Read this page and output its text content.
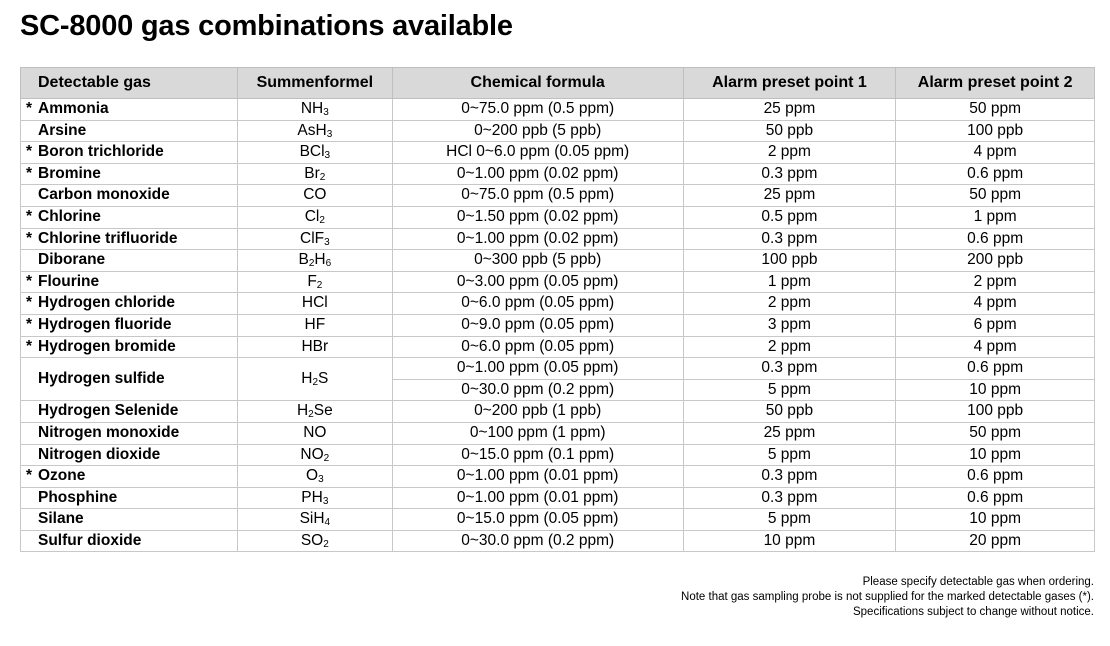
SC-8000 gas combinations available
Detectable gas	Summenformel	Chemical formula	Alarm preset point 1	Alarm preset point 2
* Ammonia	$NH_3$	0~75.0 ppm (0.5 ppm)	25 ppm	50 ppm
Arsine	AsH$_3$	0~200 ppb (5 ppb)	50 ppb	100 ppb
* Boron trichloride	BCl$_3$	HCl 0~6.0 ppm (0.05 ppm)	2 ppm	4 ppm
* Bromine	$Br_2$	0~1.00 ppm (0.02 ppm)	0.3 ppm	0.6 ppm
Carbon monoxide	CO	0~75.0 ppm (0.5 ppm)	25 ppm	50 ppm
* Chlorine	$Cl_2$	0~1.50 ppm (0.02 ppm)	0.5 ppm	1 ppm
* Chlorine trifluoride	ClF$_3$	0~1.00 ppm (0.02 ppm)	0.3 ppm	0.6 ppm
Diborane	$B_2H_6$	0~300 ppb (5 ppb)	100 ppb	200 ppb
* Flourine	$F_2$	0~3.00 ppm (0.05 ppm)	1 ppm	2 ppm
* Hydrogen chloride	HCl	0~6.0 ppm (0.05 ppm)	2 ppm	4 ppm
* Hydrogen fluoride	HF	0~9.0 ppm (0.05 ppm)	3 ppm	6 ppm
* Hydrogen bromide	HBr	0~6.0 ppm (0.05 ppm)	2 ppm	4 ppm
Hydrogen sulfide	$H_2S$	0~1.00 ppm (0.05 ppm)	0.3 ppm	0.6 ppm
		0~30.0 ppm (0.2 ppm)	5 ppm	10 ppm
Hydrogen Selenide	$H_2Se$	0~200 ppb (1 ppb)	50 ppb	100 ppb
Nitrogen monoxide	NO	0~100 ppm (1 ppm)	25 ppm	50 ppm
Nitrogen dioxide	$NO_2$	0~15.0 ppm (0.1 ppm)	5 ppm	10 ppm
* Ozone	$O_3$	0~1.00 ppm (0.01 ppm)	0.3 ppm	0.6 ppm
Phosphine	$PH_3$	0~1.00 ppm (0.01 ppm)	0.3 ppm	0.6 ppm
Silane	SiH$_4$	0~15.0 ppm (0.05 ppm)	5 ppm	10 ppm
Sulfur dioxide	$SO_2$	0~30.0 ppm (0.2 ppm)	10 ppm	20 ppm
Please specify detectable gas when ordering.
Note that gas sampling probe is not supplied for the marked detectable gases (*).
Specifications subject to change without notice.
